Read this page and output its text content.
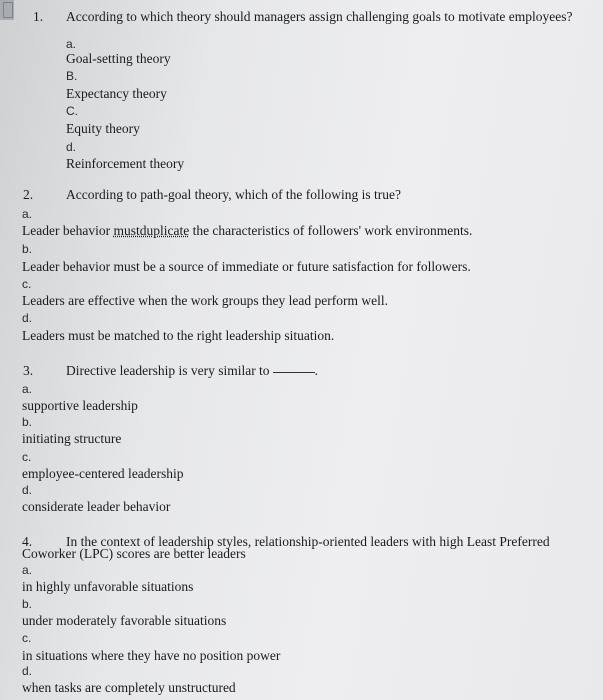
1. According to which theory should managers assign challenging goals to motivate employees?
a.
Goal-setting theory
B.
Expectancy theory
C.
Equity theory
d.
Reinforcement theory
2. According to path-goal theory, which of the following is true?
a.
Leader behavior mustduplicate the characteristics of followers' work environments.
b.
Leader behavior must be a source of immediate or future satisfaction for followers.
c.
Leaders are effective when the work groups they lead perform well.
d.
Leaders must be matched to the right leadership situation.
3. Directive leadership is very similar to	.
a.
supportive leadership
b.
initiating structure
c.
employee-centered leadership
d.
considerate leader behavior
4.	In the context of leadership styles, relationship-oriented leaders with high Least Preferred
Coworker (LPC) scores are better leaders
a.
in highly unfavorable situations
b.
under moderately favorable situations
c.
in situations where they have no position power
d.
when tasks are completely unstructured
